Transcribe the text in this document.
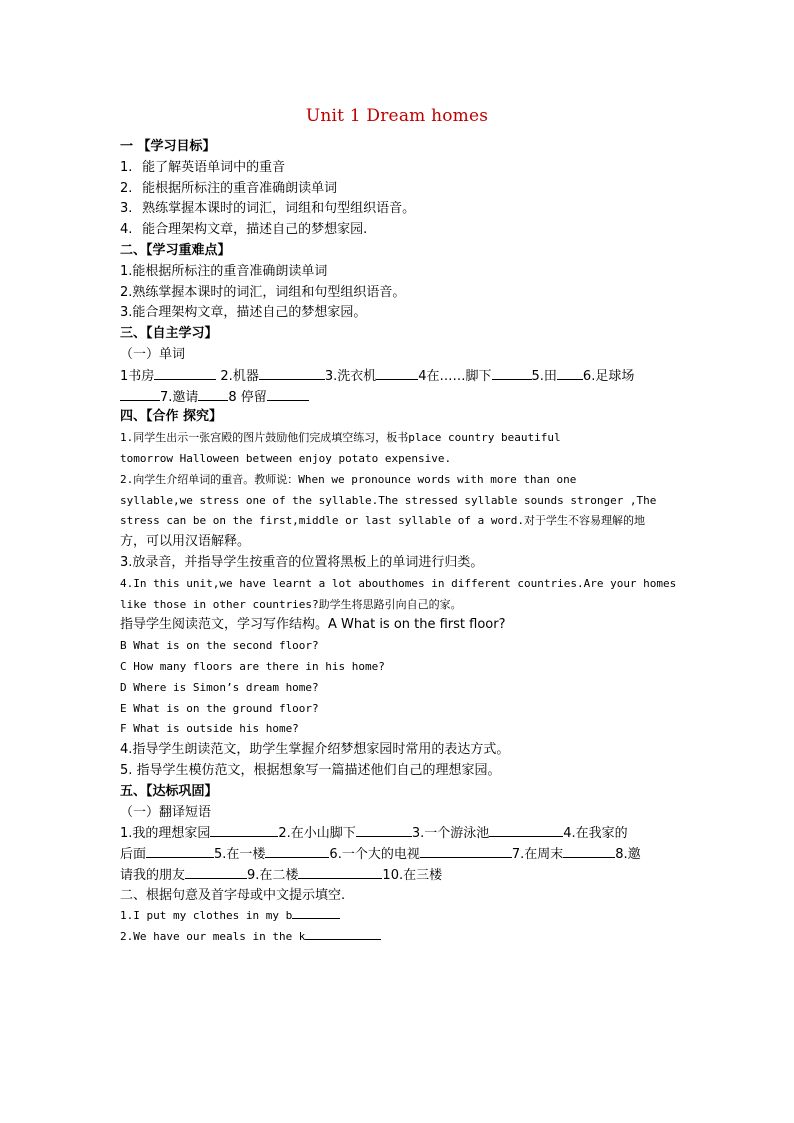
Unit 1 Dream homes
一 【学习目标】
1. 能了解英语单词中的重音
2. 能根据所标注的重音准确朗读单词
3. 熟练掌握本课时的词汇，词组和句型组织语音。
4. 能合理架构文章，描述自己的梦想家园.
二、【学习重难点】
1.能根据所标注的重音准确朗读单词
2.熟练掌握本课时的词汇，词组和句型组织语音。
3.能合理架构文章，描述自己的梦想家园。
三、【自主学习】
（一）单词
1书房	2.机器	3.洗衣机	4在……脚下	5.田 6.足球场
7.邀请 8 停留
四、【合作 探究】
1.同学生出示一张宫殿的图片鼓励他们完成填空练习，板书place country beautiful
tomorrow Halloween between enjoy potato expensive.
2.向学生介绍单词的重音。教师说：When we pronounce words with more than one
syllable,we stress one of the syllable.The stressed syllable sounds stronger ,The
stress can be on the first,middle or last syllable of a word.对于学生不容易理解的地
方，可以用汉语解释。
3.放录音，并指导学生按重音的位置将黑板上的单词进行归类。
4.In this unit,we have learnt a lot abouthomes in different countries.Are your homes
like those in other countries?助学生将思路引向自己的家。
指导学生阅读范文，学习写作结构。A What is on the first floor?
B What is on the second floor?
C How many floors are there in his home?
D Where is Simon’s dream home?
E What is on the ground floor?
F What is outside his home?
4.指导学生朗读范文，助学生掌握介绍梦想家园时常用的表达方式。
5. 指导学生模仿范文，根据想象写一篇描述他们自己的理想家园。
五、【达标巩固】
（一）翻译短语
1.我的理想家园	2.在小山脚下	3.一个游泳池	4.在我家的
后面	5.在一楼	6.一个大的电视	7.在周末	8.邀
请我的朋友	9.在二楼	10.在三楼
二、根据句意及首字母或中文提示填空.
1.I put my clothes in my b
2.We have our meals in the k
